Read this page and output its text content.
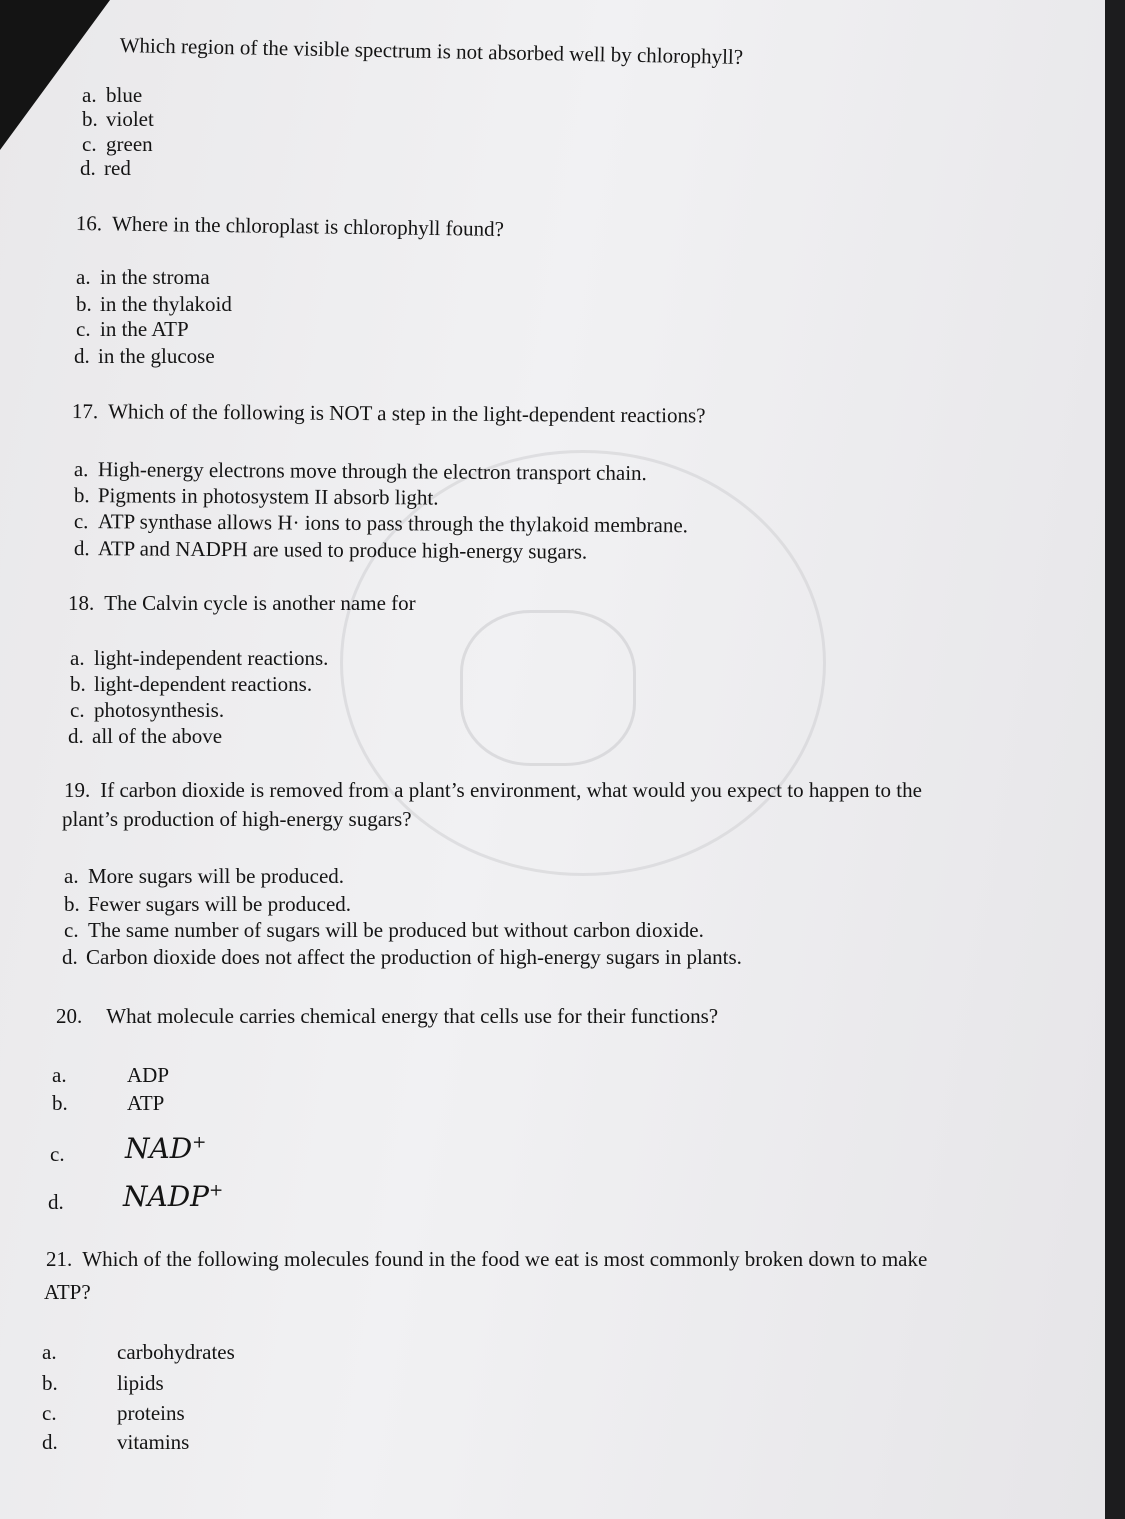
Which region of the visible spectrum is not absorbed well by chlorophyll?
a. blue
b. violet
c. green
d. red
16. Where in the chloroplast is chlorophyll found?
a. in the stroma
b. in the thylakoid
c. in the ATP
d. in the glucose
17. Which of the following is NOT a step in the light-dependent reactions?
a. High-energy electrons move through the electron transport chain.
b. Pigments in photosystem II absorb light.
c. ATP synthase allows H· ions to pass through the thylakoid membrane.
d. ATP and NADPH are used to produce high-energy sugars.
18. The Calvin cycle is another name for
a. light-independent reactions.
b. light-dependent reactions.
c. photosynthesis.
d. all of the above
19. If carbon dioxide is removed from a plant’s environment, what would you expect to happen to the
plant’s production of high-energy sugars?
a. More sugars will be produced.
b. Fewer sugars will be produced.
c. The same number of sugars will be produced but without carbon dioxide.
d. Carbon dioxide does not affect the production of high-energy sugars in plants.
20. What molecule carries chemical energy that cells use for their functions?
a.	ADP
b.	ATP
c. NAD+
d. NADP+
21. Which of the following molecules found in the food we eat is most commonly broken down to make
ATP?
a.	carbohydrates
b.	lipids
c.	proteins
d.	vitamins
